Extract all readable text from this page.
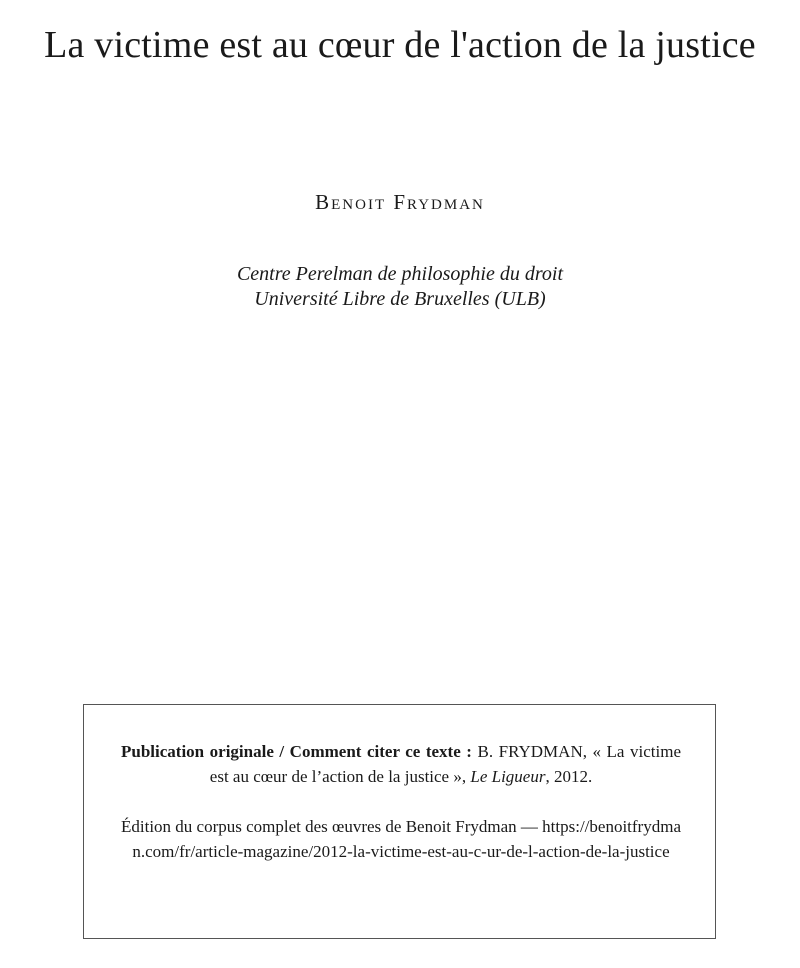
La victime est au cœur de l'action de la justice

Benoit Frydman

Centre Perelman de philosophie du droit
Université Libre de Bruxelles (ULB)

Publication originale / Comment citer ce texte : B. FRYDMAN, « La victime est au cœur de l’action de la justice », Le Ligueur, 2012.

Édition du corpus complet des œuvres de Benoit Frydman — https://benoitfrydman.com/fr/article-magazine/2012-la-victime-est-au-c-ur-de-l-action-de-la-justice
